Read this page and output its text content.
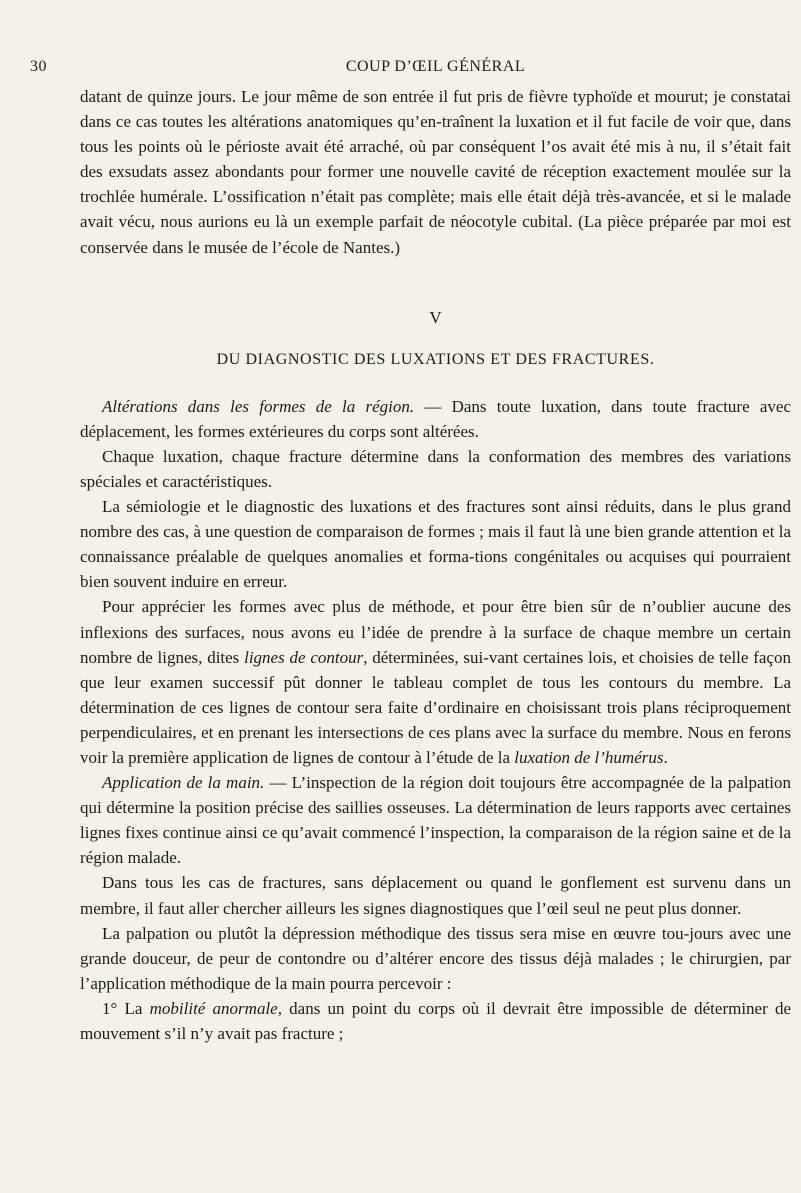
30	COUP D’ŒIL GÉNÉRAL

datant de quinze jours. Le jour même de son entrée il fut pris de fièvre typhoïde et mourut; je constatai dans ce cas toutes les altérations anatomiques qu’en-traînent la luxation et il fut facile de voir que, dans tous les points où le périoste avait été arraché, où par conséquent l’os avait été mis à nu, il s’était fait des exsudats assez abondants pour former une nouvelle cavité de réception exactement moulée sur la trochlée humérale. L’ossification n’était pas complète; mais elle était déjà très-avancée, et si le malade avait vécu, nous aurions eu là un exemple parfait de néocotyle cubital. (La pièce préparée par moi est conservée dans le musée de l’école de Nantes.)

V
DU DIAGNOSTIC DES LUXATIONS ET DES FRACTURES.

Altérations dans les formes de la région. — Dans toute luxation, dans toute fracture avec déplacement, les formes extérieures du corps sont altérées.

Chaque luxation, chaque fracture détermine dans la conformation des membres des variations spéciales et caractéristiques.

La sémiologie et le diagnostic des luxations et des fractures sont ainsi réduits, dans le plus grand nombre des cas, à une question de comparaison de formes ; mais il faut là une bien grande attention et la connaissance préalable de quelques anomalies et forma-tions congénitales ou acquises qui pourraient bien souvent induire en erreur.

Pour apprécier les formes avec plus de méthode, et pour être bien sûr de n’oublier aucune des inflexions des surfaces, nous avons eu l’idée de prendre à la surface de chaque membre un certain nombre de lignes, dites lignes de contour, déterminées, sui-vant certaines lois, et choisies de telle façon que leur examen successif pût donner le tableau complet de tous les contours du membre. La détermination de ces lignes de contour sera faite d’ordinaire en choisissant trois plans réciproquement perpendiculaires, et en prenant les intersections de ces plans avec la surface du membre. Nous en ferons voir la première application de lignes de contour à l’étude de la luxation de l’humérus.

Application de la main. — L’inspection de la région doit toujours être accompagnée de la palpation qui détermine la position précise des saillies osseuses. La détermination de leurs rapports avec certaines lignes fixes continue ainsi ce qu’avait commencé l’inspection, la comparaison de la région saine et de la région malade.

Dans tous les cas de fractures, sans déplacement ou quand le gonflement est survenu dans un membre, il faut aller chercher ailleurs les signes diagnostiques que l’œil seul ne peut plus donner.

La palpation ou plutôt la dépression méthodique des tissus sera mise en œuvre tou-jours avec une grande douceur, de peur de contondre ou d’altérer encore des tissus déjà malades ; le chirurgien, par l’application méthodique de la main pourra percevoir :

1° La mobilité anormale, dans un point du corps où il devrait être impossible de déterminer de mouvement s’il n’y avait pas fracture ;
